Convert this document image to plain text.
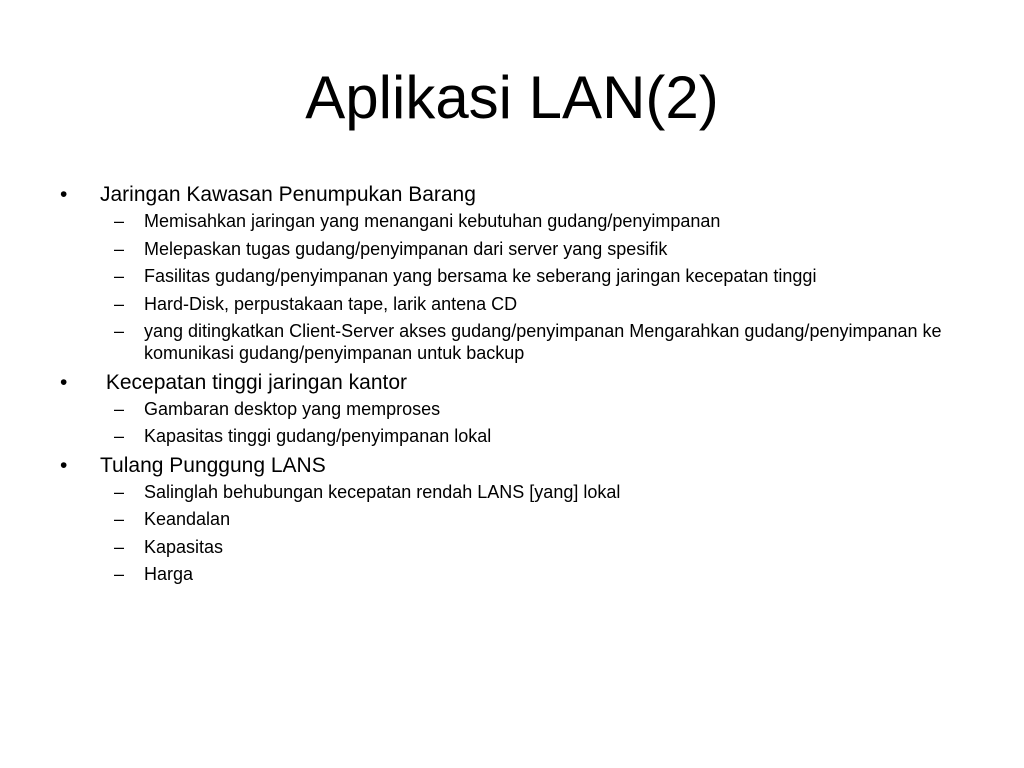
Aplikasi LAN(2)
•	Jaringan Kawasan Penumpukan Barang
– Memisahkan jaringan yang menangani kebutuhan gudang/penyimpanan
– Melepaskan tugas gudang/penyimpanan dari server yang spesifik
– Fasilitas gudang/penyimpanan yang bersama ke seberang jaringan kecepatan tinggi
– Hard-Disk, perpustakaan tape, larik antena CD
– yang ditingkatkan Client-Server akses gudang/penyimpanan Mengarahkan gudang/penyimpanan ke komunikasi gudang/penyimpanan untuk backup
•	Kecepatan tinggi jaringan kantor
– Gambaran desktop yang memproses
– Kapasitas tinggi gudang/penyimpanan lokal
•	Tulang Punggung LANS
– Salinglah behubungan kecepatan rendah LANS [yang] lokal
– Keandalan
– Kapasitas
– Harga
